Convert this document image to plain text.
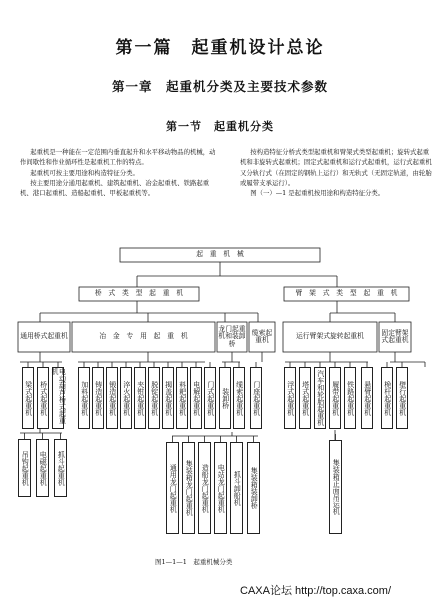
第一篇　起重机设计总论
第一章　起重机分类及主要技术参数
第一节　起重机分类

起重机是一种能在一定范围内垂直起升和水平移动物品的机械，动作间歇性和作业循环性是起重机工作的特点。

起重机可按主要用途和构造特征分类。

按主要用途分通用起重机、建筑起重机、冶金起重机、铁路起重机、港口起重机、造船起重机、甲板起重机等。

按构造特征分桥式类型起重机和臂架式类型起重机；旋转式起重机和非旋转式起重机；固定式起重机和运行式起重机，运行式起重机又分轨行式（在固定的钢轨上运行）和无轨式（无固定轨道，由轮胎或履带支承运行）。

图（一）—1 是起重机按用途和构造特征分类。

起　重　机　械
桥　式　类　型　起　重　机	臂　架　式　类　型　起　重　机
通用桥式起重机	冶　金　专　用　起　重　机
龙门起重机和装卸桥
缆索起重机	运行臂架式旋转起重机	固定臂架式起重机
梁式起重机	桥式起重机	电动葫芦桥式起重机
加料起重机 铸造起重机 锻造起重机 淬火起重机 夹钳起重机 脱锭起重机 揭盖起重机 料耙起重机 电解起重机 门式起重机	装卸桥 缆索起重机	门座起重机	浮式起重机	塔式起重机	汽车和轮胎起重机	履带起重机	铁路起重机	悬臂起重机	桅杆起重机	壁行起重机
吊钩起重机	电磁起重机	抓斗起重机	通用龙门起重机	集装箱龙门起重机	造船龙门起重机	电站龙门起重机	抓斗卸船机	集装箱装卸桥	集装箱正面吊运机
图1—1—1　起重机械分类
CAXA论坛 http://top.caxa.com/
